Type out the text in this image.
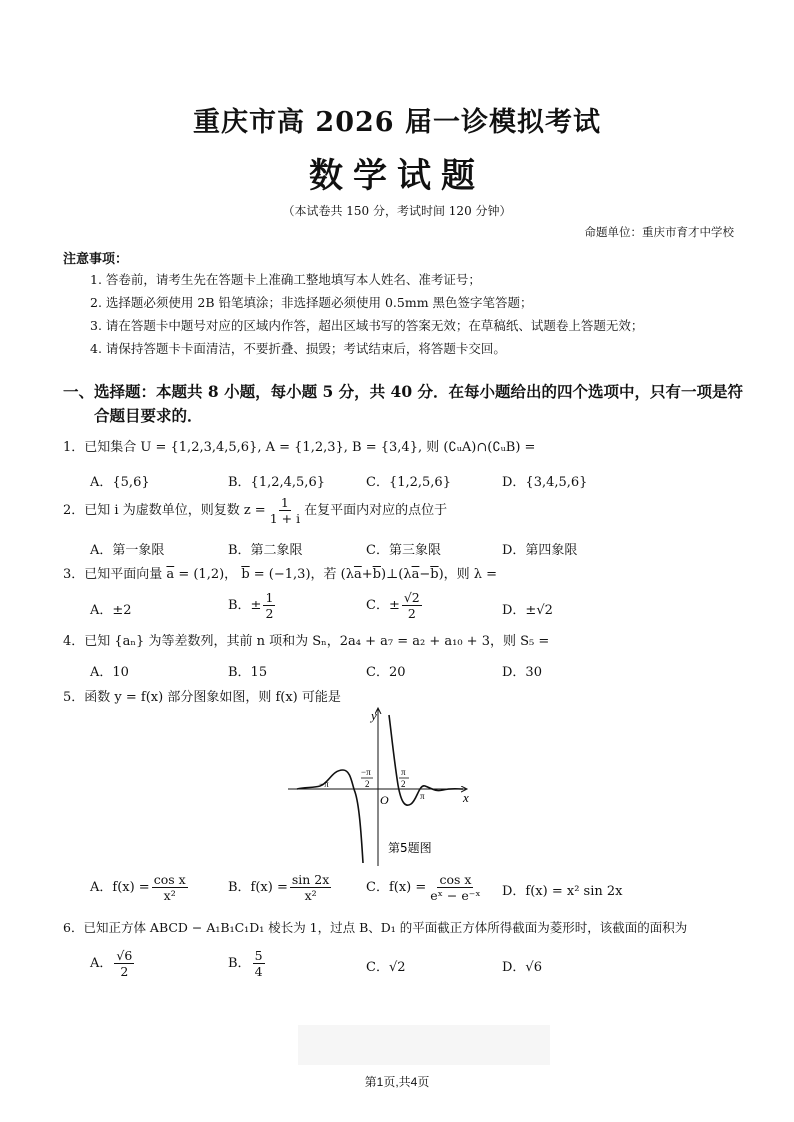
重庆市高 2026 届一诊模拟考试
数学试题
（本试卷共 150 分，考试时间 120 分钟）
命题单位：重庆市育才中学校
注意事项：
1. 答卷前，请考生先在答题卡上准确工整地填写本人姓名、准考证号；
2. 选择题必须使用 2B 铅笔填涂；非选择题必须使用 0.5mm 黑色签字笔答题；
3. 请在答题卡中题号对应的区域内作答，超出区域书写的答案无效；在草稿纸、试题卷上答题无效；
4. 请保持答题卡卡面清洁，不要折叠、损毁；考试结束后，将答题卡交回。
一、选择题：本题共 8 小题，每小题 5 分，共 40 分．在每小题给出的四个选项中，只有一项是符
合题目要求的．
1．已知集合 U = {1,2,3,4,5,6}, A = {1,2,3}, B = {3,4}, 则 (∁ᵤA)∩(∁ᵤB) =
A．{5,6}	B．{1,2,4,5,6}	C．{1,2,5,6}	D．{3,4,5,6}
2．已知 i 为虚数单位，则复数 $z = \frac{1}{1 + i}$ 在复平面内对应的点位于
A．第一象限	B．第二象限	C．第三象限	D．第四象限
3．已知平面向量 $\overline{a} = (1,2)$， $\overline{b} = (-1,3)$，若 $(\lambda\overline{a}+\overline{b})\perp(\lambda\overline{a}-\overline{b})$，则 λ =
A．±2	B．± $\frac{1}{2}$	C．± $\frac{√2}{2}$	D．±√2
4．已知 {aₙ} 为等差数列，其前 n 项和为 Sₙ，2a₄ + a₇ = a₂ + a₁₀ + 3，则 S₅ =
A．10	B．15	C．20	D．30
5．函数 y = f(x) 部分图象如图，则 f(x) 可能是
y
x
O
−π
−π
2
π
2
π
第5题图
A．$f(x) = \frac{\text{cos x}}{\text{x²}}$	B．$f(x) = \frac{\sin 2x}{\text{x²}}$	C．$f(x) = \frac{\text{cos x}}{\text{eˣ − e⁻ˣ}}$ D．f(x) = x² sin 2x
6．已知正方体 ABCD − A₁B₁C₁D₁ 棱长为 1，过点 B、D₁ 的平面截正方体所得截面为菱形时，该截面的面积为
A． $\frac{√6}{2}$	B． $\frac{5}{4}$	C．√2	D．√6
第1页,共4页
